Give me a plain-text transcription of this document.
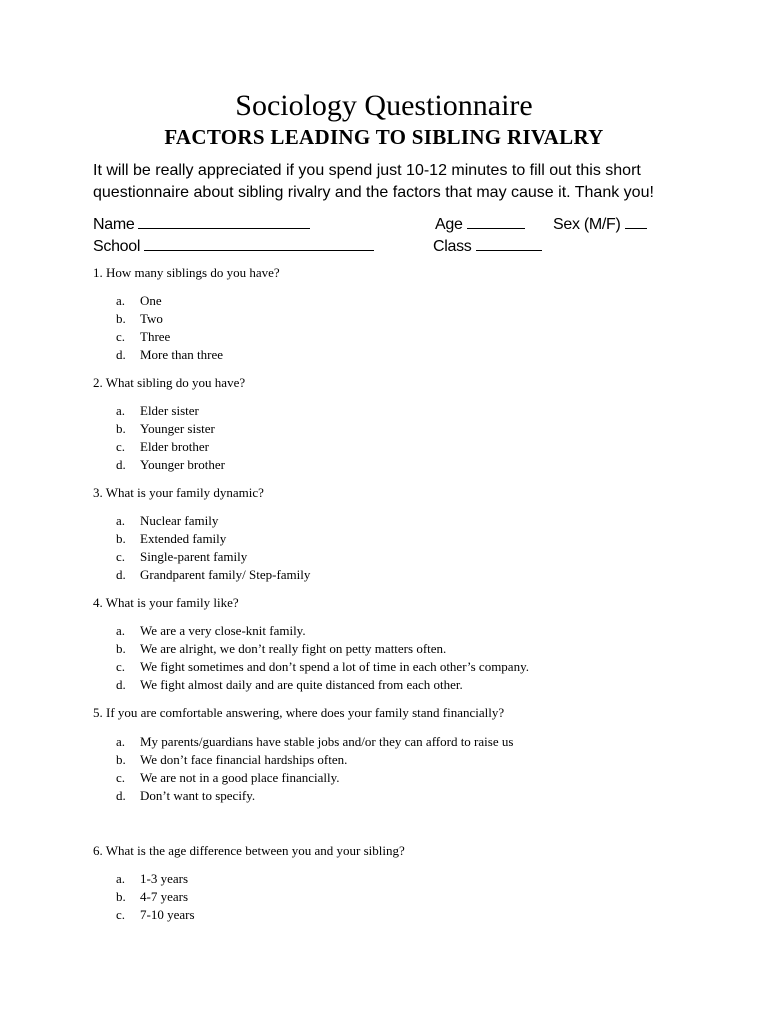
Sociology Questionnaire
FACTORS LEADING TO SIBLING RIVALRY

It will be really appreciated if you spend just 10-12 minutes to fill out this short
questionnaire about sibling rivalry and the factors that may cause it. Thank you!

Name	Age	Sex (M/F)
School	Class

1. How many siblings do you have?

a. One
b. Two
c. Three
d. More than three

2. What sibling do you have?

a. Elder sister
b. Younger sister
c. Elder brother
d. Younger brother

3. What is your family dynamic?

a. Nuclear family
b. Extended family
c. Single-parent family
d. Grandparent family/ Step-family

4. What is your family like?

a. We are a very close-knit family.
b. We are alright, we don’t really fight on petty matters often.
c. We fight sometimes and don’t spend a lot of time in each other’s company.
d. We fight almost daily and are quite distanced from each other.

5. If you are comfortable answering, where does your family stand financially?

a. My parents/guardians have stable jobs and/or they can afford to raise us
b. We don’t face financial hardships often.
c. We are not in a good place financially.
d. Don’t want to specify.

6. What is the age difference between you and your sibling?

a. 1-3 years
b. 4-7 years
c. 7-10 years
